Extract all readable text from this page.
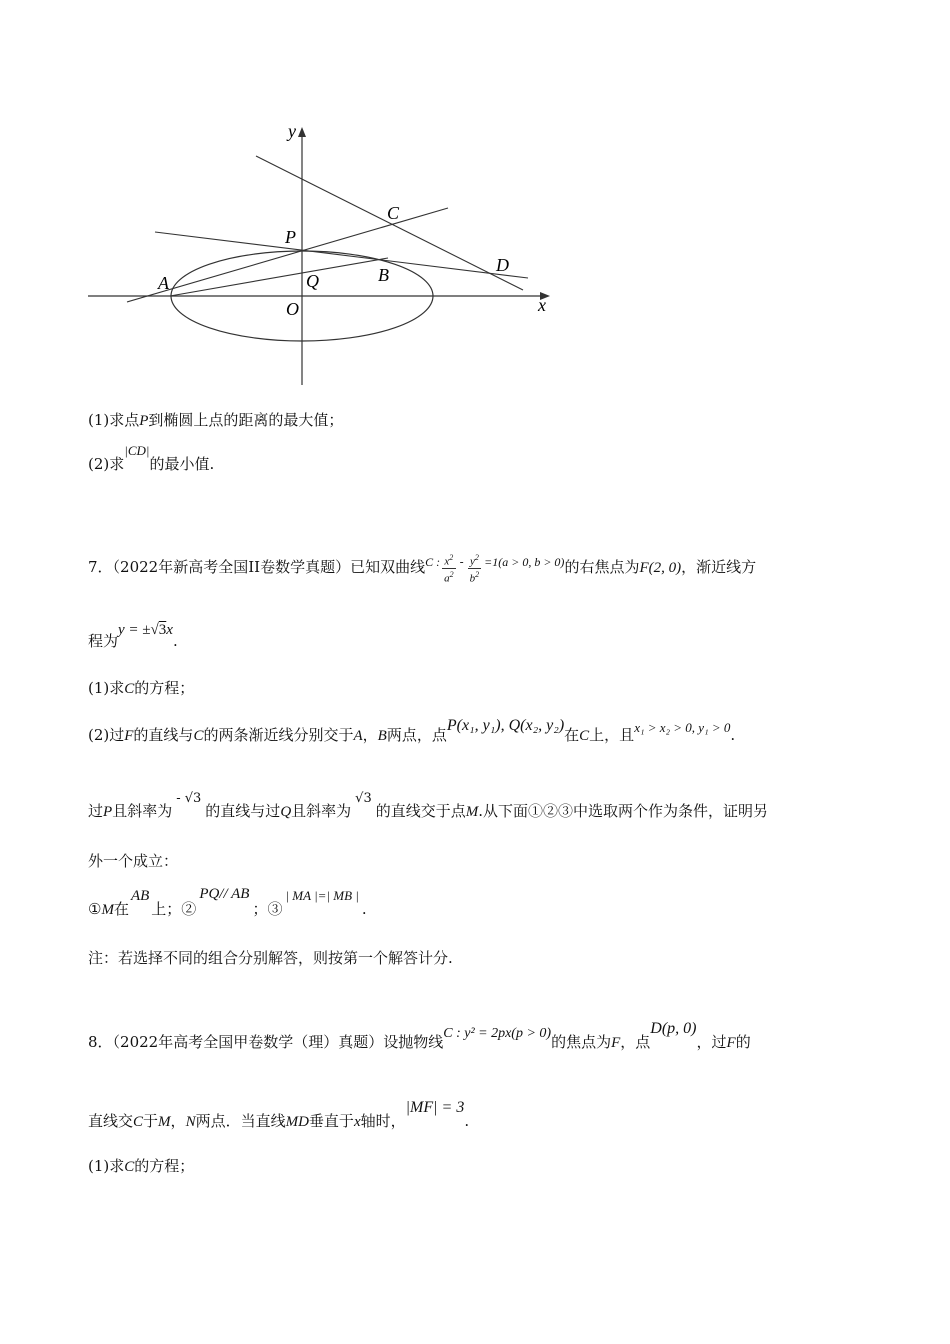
y
x
O
P
Q
A	B
C
D
(1)求点P到椭圆上点的距离的最大值；
(2)求|CD|的最小值.
7．（2022年新高考全国II卷数学真题）已知双曲线$^{C :} \frac{x^2}{a^2} ^- \frac{y^2}{b^2} ^{=1(a > 0, b > 0)}$的右焦点为F(2, 0)，渐近线方
程为y = ±√3x.
(1)求C的方程；
(2)过F的直线与C的两条渐近线分别交于A，B两点，点P(x₁, y₁), Q(x₂, y₂)在C上，且x₁ > x₂ > 0, y₁ > 0.
过P且斜率为- √3的直线与过Q且斜率为√3的直线交于点M.从下面①②③中选取两个作为条件，证明另
外一个成立：
①M在AB上；②PQ// AB；③| MA |=| MB |.
注：若选择不同的组合分别解答，则按第一个解答计分.
8．（2022年高考全国甲卷数学（理）真题）设抛物线C : y² = 2px(p > 0)的焦点为F，点D(p, 0)，过F的
直线交C于M，N两点．当直线MD垂直于x轴时，|MF| = 3.
(1)求C的方程；
